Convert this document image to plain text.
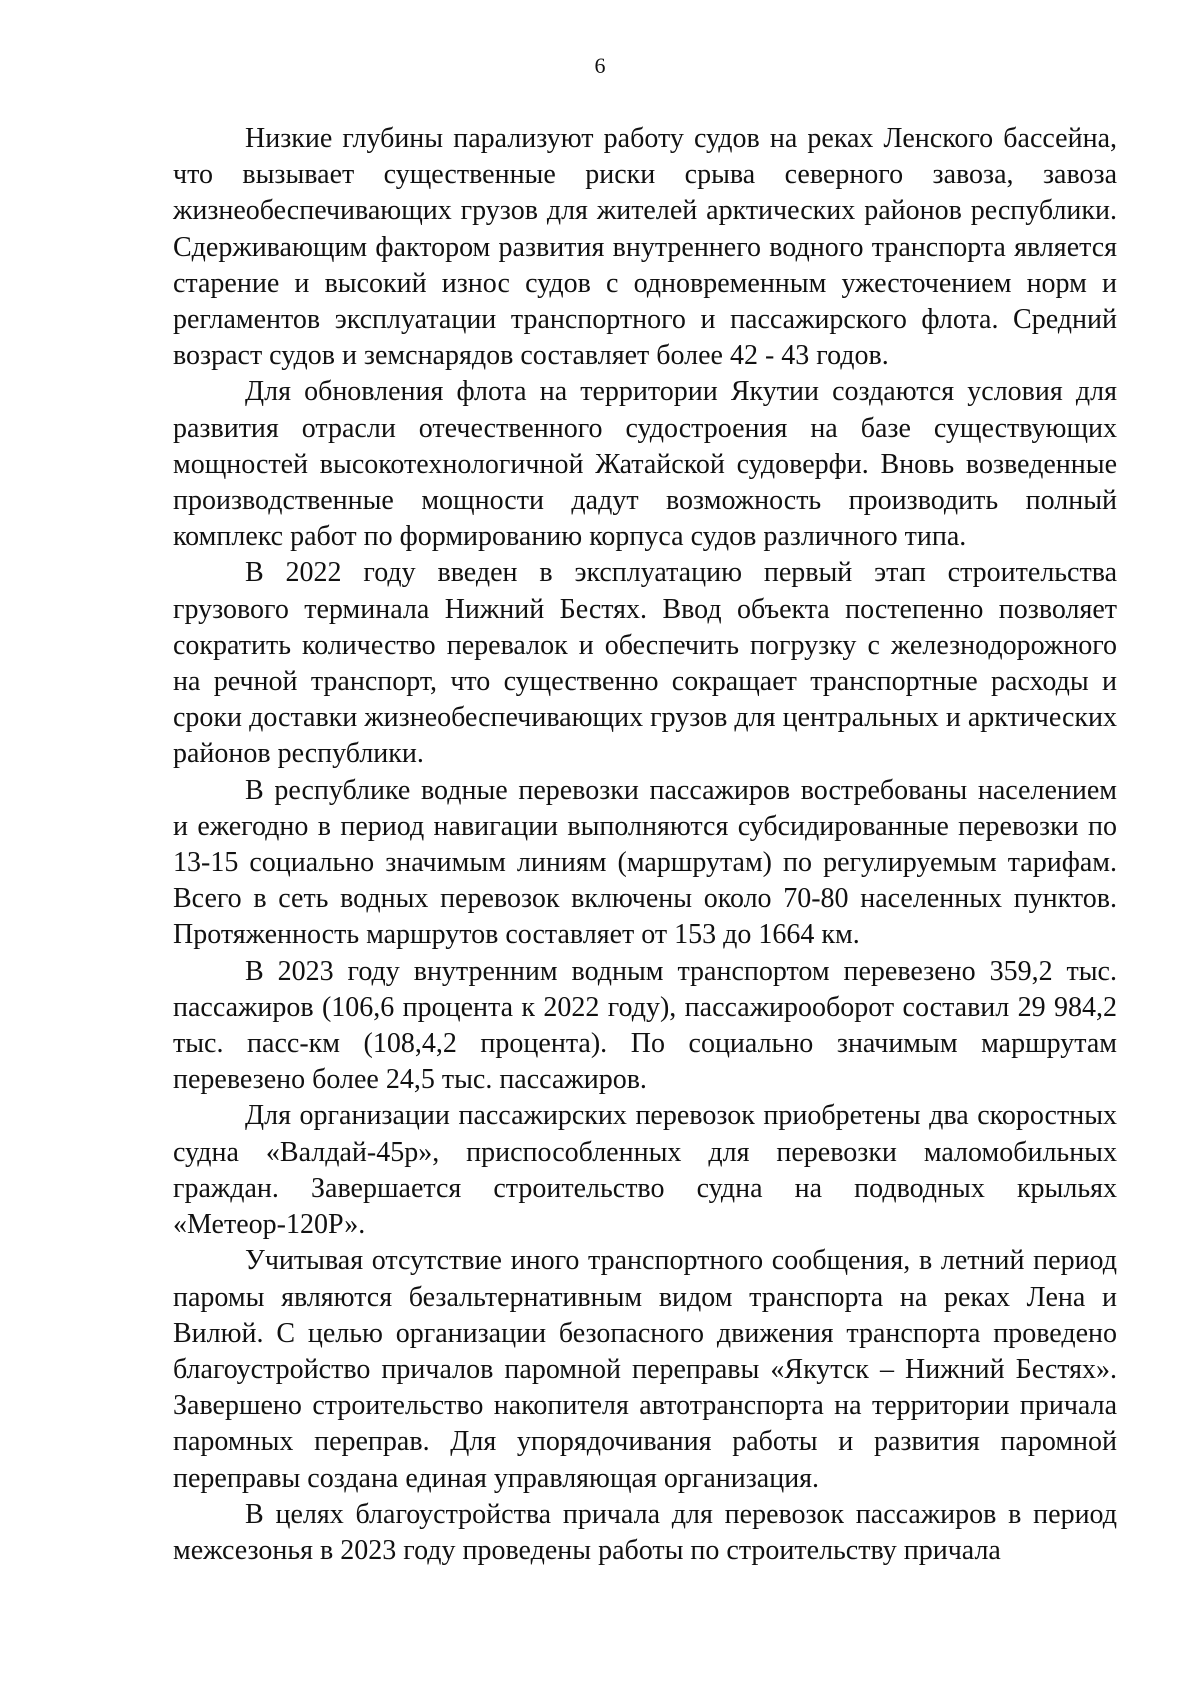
6

Низкие глубины парализуют работу судов на реках Ленского бассейна, что вызывает существенные риски срыва северного завоза, завоза жизнеобеспечивающих грузов для жителей арктических районов республики. Сдерживающим фактором развития внутреннего водного транспорта является старение и высокий износ судов с одновременным ужесточением норм и регламентов эксплуатации транспортного и пассажирского флота. Средний возраст судов и земснарядов составляет более 42 - 43 годов.

Для обновления флота на территории Якутии создаются условия для развития отрасли отечественного судостроения на базе существующих мощностей высокотехнологичной Жатайской судоверфи. Вновь возведенные производственные мощности дадут возможность производить полный комплекс работ по формированию корпуса судов различного типа.

В 2022 году введен в эксплуатацию первый этап строительства грузового терминала Нижний Бестях. Ввод объекта постепенно позволяет сократить количество перевалок и обеспечить погрузку с железнодорожного на речной транспорт, что существенно сокращает транспортные расходы и сроки доставки жизнеобеспечивающих грузов для центральных и арктических районов республики.

В республике водные перевозки пассажиров востребованы населением и ежегодно в период навигации выполняются субсидированные перевозки по 13-15 социально значимым линиям (маршрутам) по регулируемым тарифам. Всего в сеть водных перевозок включены около 70-80 населенных пунктов. Протяженность маршрутов составляет от 153 до 1664 км.

В 2023 году внутренним водным транспортом перевезено 359,2 тыс. пассажиров (106,6 процента к 2022 году), пассажирооборот составил 29 984,2 тыс. пасс-км (108,4,2 процента). По социально значимым маршрутам перевезено более 24,5 тыс. пассажиров.

Для организации пассажирских перевозок приобретены два скоростных судна «Валдай-45р», приспособленных для перевозки маломобильных граждан. Завершается строительство судна на подводных крыльях «Метеор-120Р».

Учитывая отсутствие иного транспортного сообщения, в летний период паромы являются безальтернативным видом транспорта на реках Лена и Вилюй. С целью организации безопасного движения транспорта проведено благоустройство причалов паромной переправы «Якутск – Нижний Бестях». Завершено строительство накопителя автотранспорта на территории причала паромных переправ. Для упорядочивания работы и развития паромной переправы создана единая управляющая организация.

В целях благоустройства причала для перевозок пассажиров в период межсезонья в 2023 году проведены работы по строительству причала
